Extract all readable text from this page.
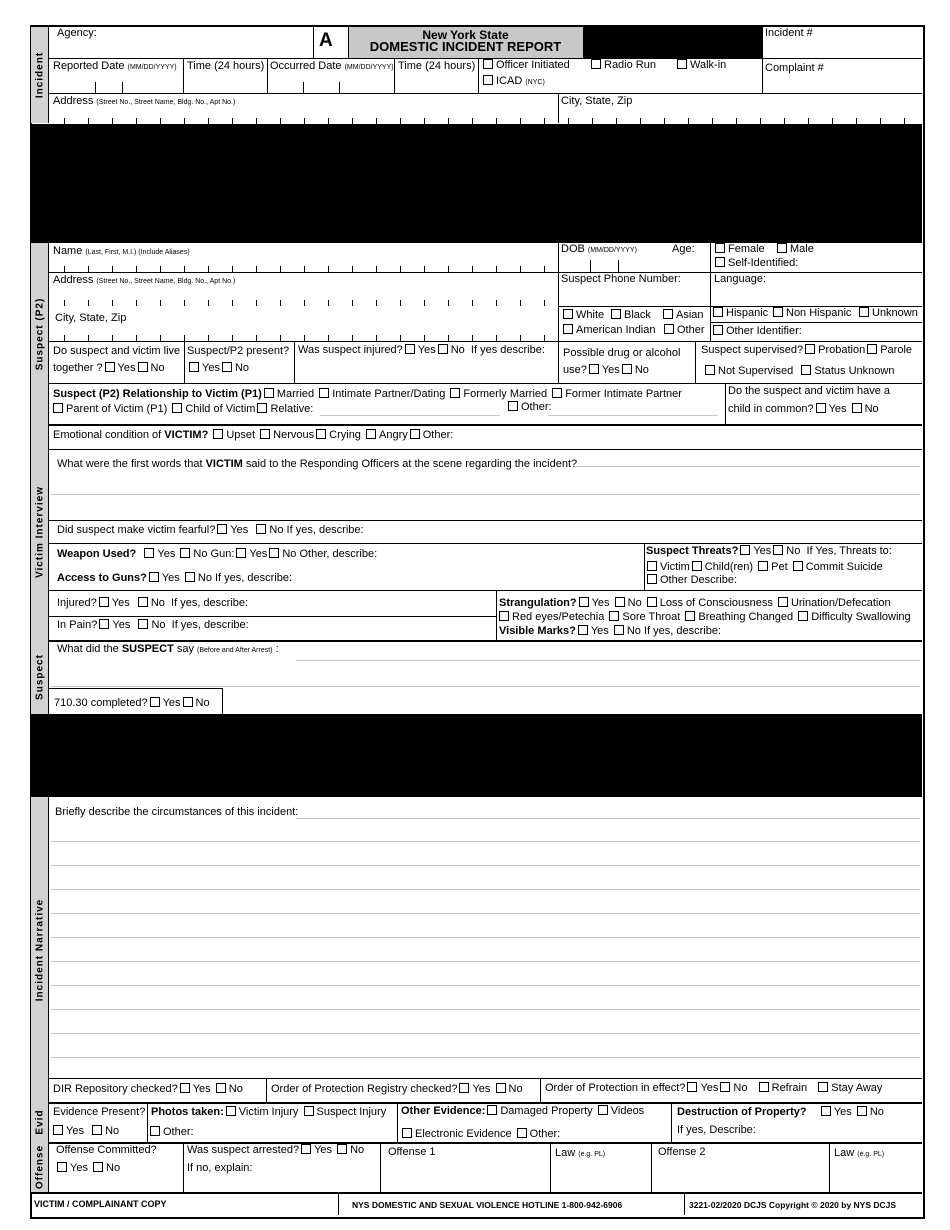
Incident
Suspect (P2)
Victim Interview
Suspect
Incident Narrative
Evid
Offense
Agency:	A	New York State
DOMESTIC INCIDENT REPORT
Incident #
Complaint #
Reported Date (MM/DD/YYYY) Time (24 hours) Occurred Date (MM/DD/YYYY) Time (24 hours)	Officer Initiated	Radio Run	Walk-in
ICAD (NYC)
Address (Street No., Street Name, Bldg. No., Apt No.)	City, State, Zip
Name (Last, First, M.I.) (Include Aliases)	DOB (MM/DD/YYYY)	Age:	Female	Male
Self-Identified:
Address (Street No., Street Name, Bldg. No., Apt No.)	Suspect Phone Number:	Language:
City, State, Zip	White	Black	Asian
American Indian	Other
Hispanic	Non Hispanic	Unknown
Other Identifier:
Do suspect and victim live
together ? Yes No
Suspect/P2 present?
Yes No
Was suspect injured? Yes No If yes describe: Possible drug or alcohol
use? Yes No
Suspect supervised? Probation Parole
Not Supervised Status Unknown
Suspect (P2) Relationship to Victim (P1) Married Intimate Partner/Dating Formerly Married Former Intimate Partner
Parent of Victim (P1) Child of Victim Relative:	Other:
Do the suspect and victim have a
child in common? Yes No
Emotional condition of VICTIM? Upset Nervous Crying Angry Other:
What were the first words that VICTIM said to the Responding Officers at the scene regarding the incident?
Did suspect make victim fearful? Yes No If yes, describe:
Weapon Used? Yes No Gun: Yes No Other, describe:
Access to Guns? Yes No If yes, describe:
Suspect Threats? Yes No If Yes, Threats to:
Victim Child(ren) Pet Commit Suicide
Other Describe:
Injured? Yes No If yes, describe:
In Pain? Yes No If yes, describe:
Strangulation? Yes No Loss of Consciousness Urination/Defecation
Red eyes/Petechia Sore Throat Breathing Changed Difficulty Swallowing
Visible Marks? Yes No If yes, describe:
What did the SUSPECT say (Before and After Arrest) :
710.30 completed? Yes No
Briefly describe the circumstances of this incident:
DIR Repository checked? Yes No	Order of Protection Registry checked? Yes No Order of Protection in effect? Yes No Refrain Stay Away
Evidence Present?
Yes No
Photos taken: Victim Injury Suspect Injury
Other:
Other Evidence: Damaged Property Videos
Electronic Evidence Other:
Destruction of Property? Yes No
If yes, Describe:
Offense Committed?
Yes No
Was suspect arrested? Yes No
If no, explain:
Offense 1	Law (e.g. PL)	Offense 2	Law (e.g. PL)
VICTIM / COMPLAINANT COPY	NYS DOMESTIC AND SEXUAL VIOLENCE HOTLINE 1-800-942-6906	3221-02/2020 DCJS Copyright © 2020 by NYS DCJS
